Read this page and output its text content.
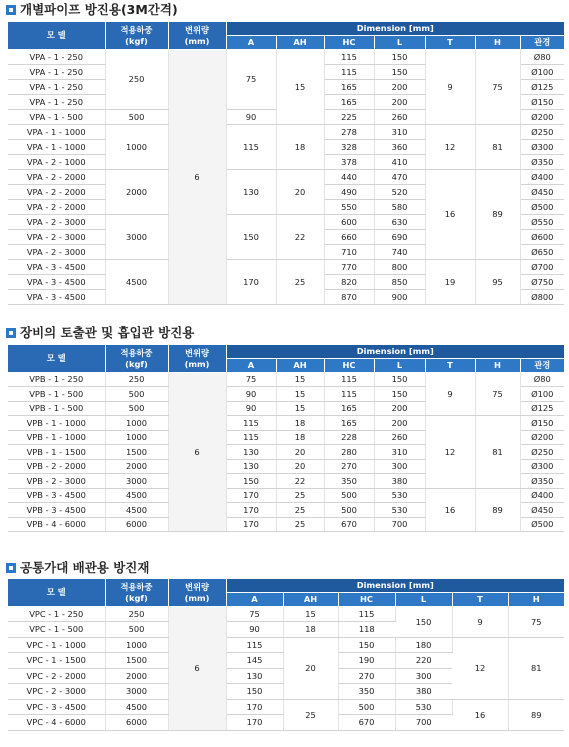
개별파이프 방진용(3M간격)
모 델	적용하중
(kgf)	변위량
(mm)	Dimension [mm]						
			A	AH	HC	L	T	H	관경
VPA - 1 - 250	250	6	75	15	115	150	9	75	Ø80
VPA - 1 - 250					115	150			Ø100
VPA - 1 - 250					165	200			Ø125
VPA - 1 - 250					165	200			Ø150
VPA - 1 - 500	500		90		225	260			Ø200
VPA - 1 - 1000	1000		115	18	278	310	12	81	Ø250
VPA - 1 - 1000					328	360			Ø300
VPA - 2 - 1000					378	410			Ø350
VPA - 2 - 2000	2000		130	20	440	470	16	89	Ø400
VPA - 2 - 2000					490	520			Ø450
VPA - 2 - 2000					550	580			Ø500
VPA - 2 - 3000	3000		150	22	600	630			Ø550
VPA - 2 - 3000					660	690			Ø600
VPA - 2 - 3000					710	740			Ø650
VPA - 3 - 4500	4500		170	25	770	800	19	95	Ø700
VPA - 3 - 4500					820	850			Ø750
VPA - 3 - 4500					870	900			Ø800
장비의 토출관 및 흡입관 방진용
모 델	적용하중
(kgf)	변위량
(mm)	Dimension [mm]						
			A	AH	HC	L	T	H	관경
VPB - 1 - 250	250	6	75	15	115	150	9	75	Ø80
VPB - 1 - 500	500		90	15	115	150			Ø100
VPB - 1 - 500	500		90	15	165	200			Ø125
VPB - 1 - 1000	1000		115	18	165	200	12	81	Ø150
VPB - 1 - 1000	1000		115	18	228	260			Ø200
VPB - 1 - 1500	1500		130	20	280	310			Ø250
VPB - 2 - 2000	2000		130	20	270	300			Ø300
VPB - 2 - 3000	3000		150	22	350	380			Ø350
VPB - 3 - 4500	4500		170	25	500	530	16	89	Ø400
VPB - 3 - 4500	4500		170	25	500	530			Ø450
VPB - 4 - 6000	6000		170	25	670	700			Ø500
공통가대 배관용 방진재
모 델	적용하중
(kgf)	변위량
(mm)	Dimension [mm]					
			A	AH	HC	L	T	H
VPC - 1 - 250	250	6	75	15	115	150	9	75
VPC - 1 - 500	500		90	18	118			
VPC - 1 - 1000	1000		115	20	150	180	12	81
VPC - 1 - 1500	1500		145		190	220		
VPC - 2 - 2000	2000		130		270	300		
VPC - 2 - 3000	3000		150		350	380		
VPC - 3 - 4500	4500		170	25	500	530	16	89
VPC - 4 - 6000	6000		170		670	700		
